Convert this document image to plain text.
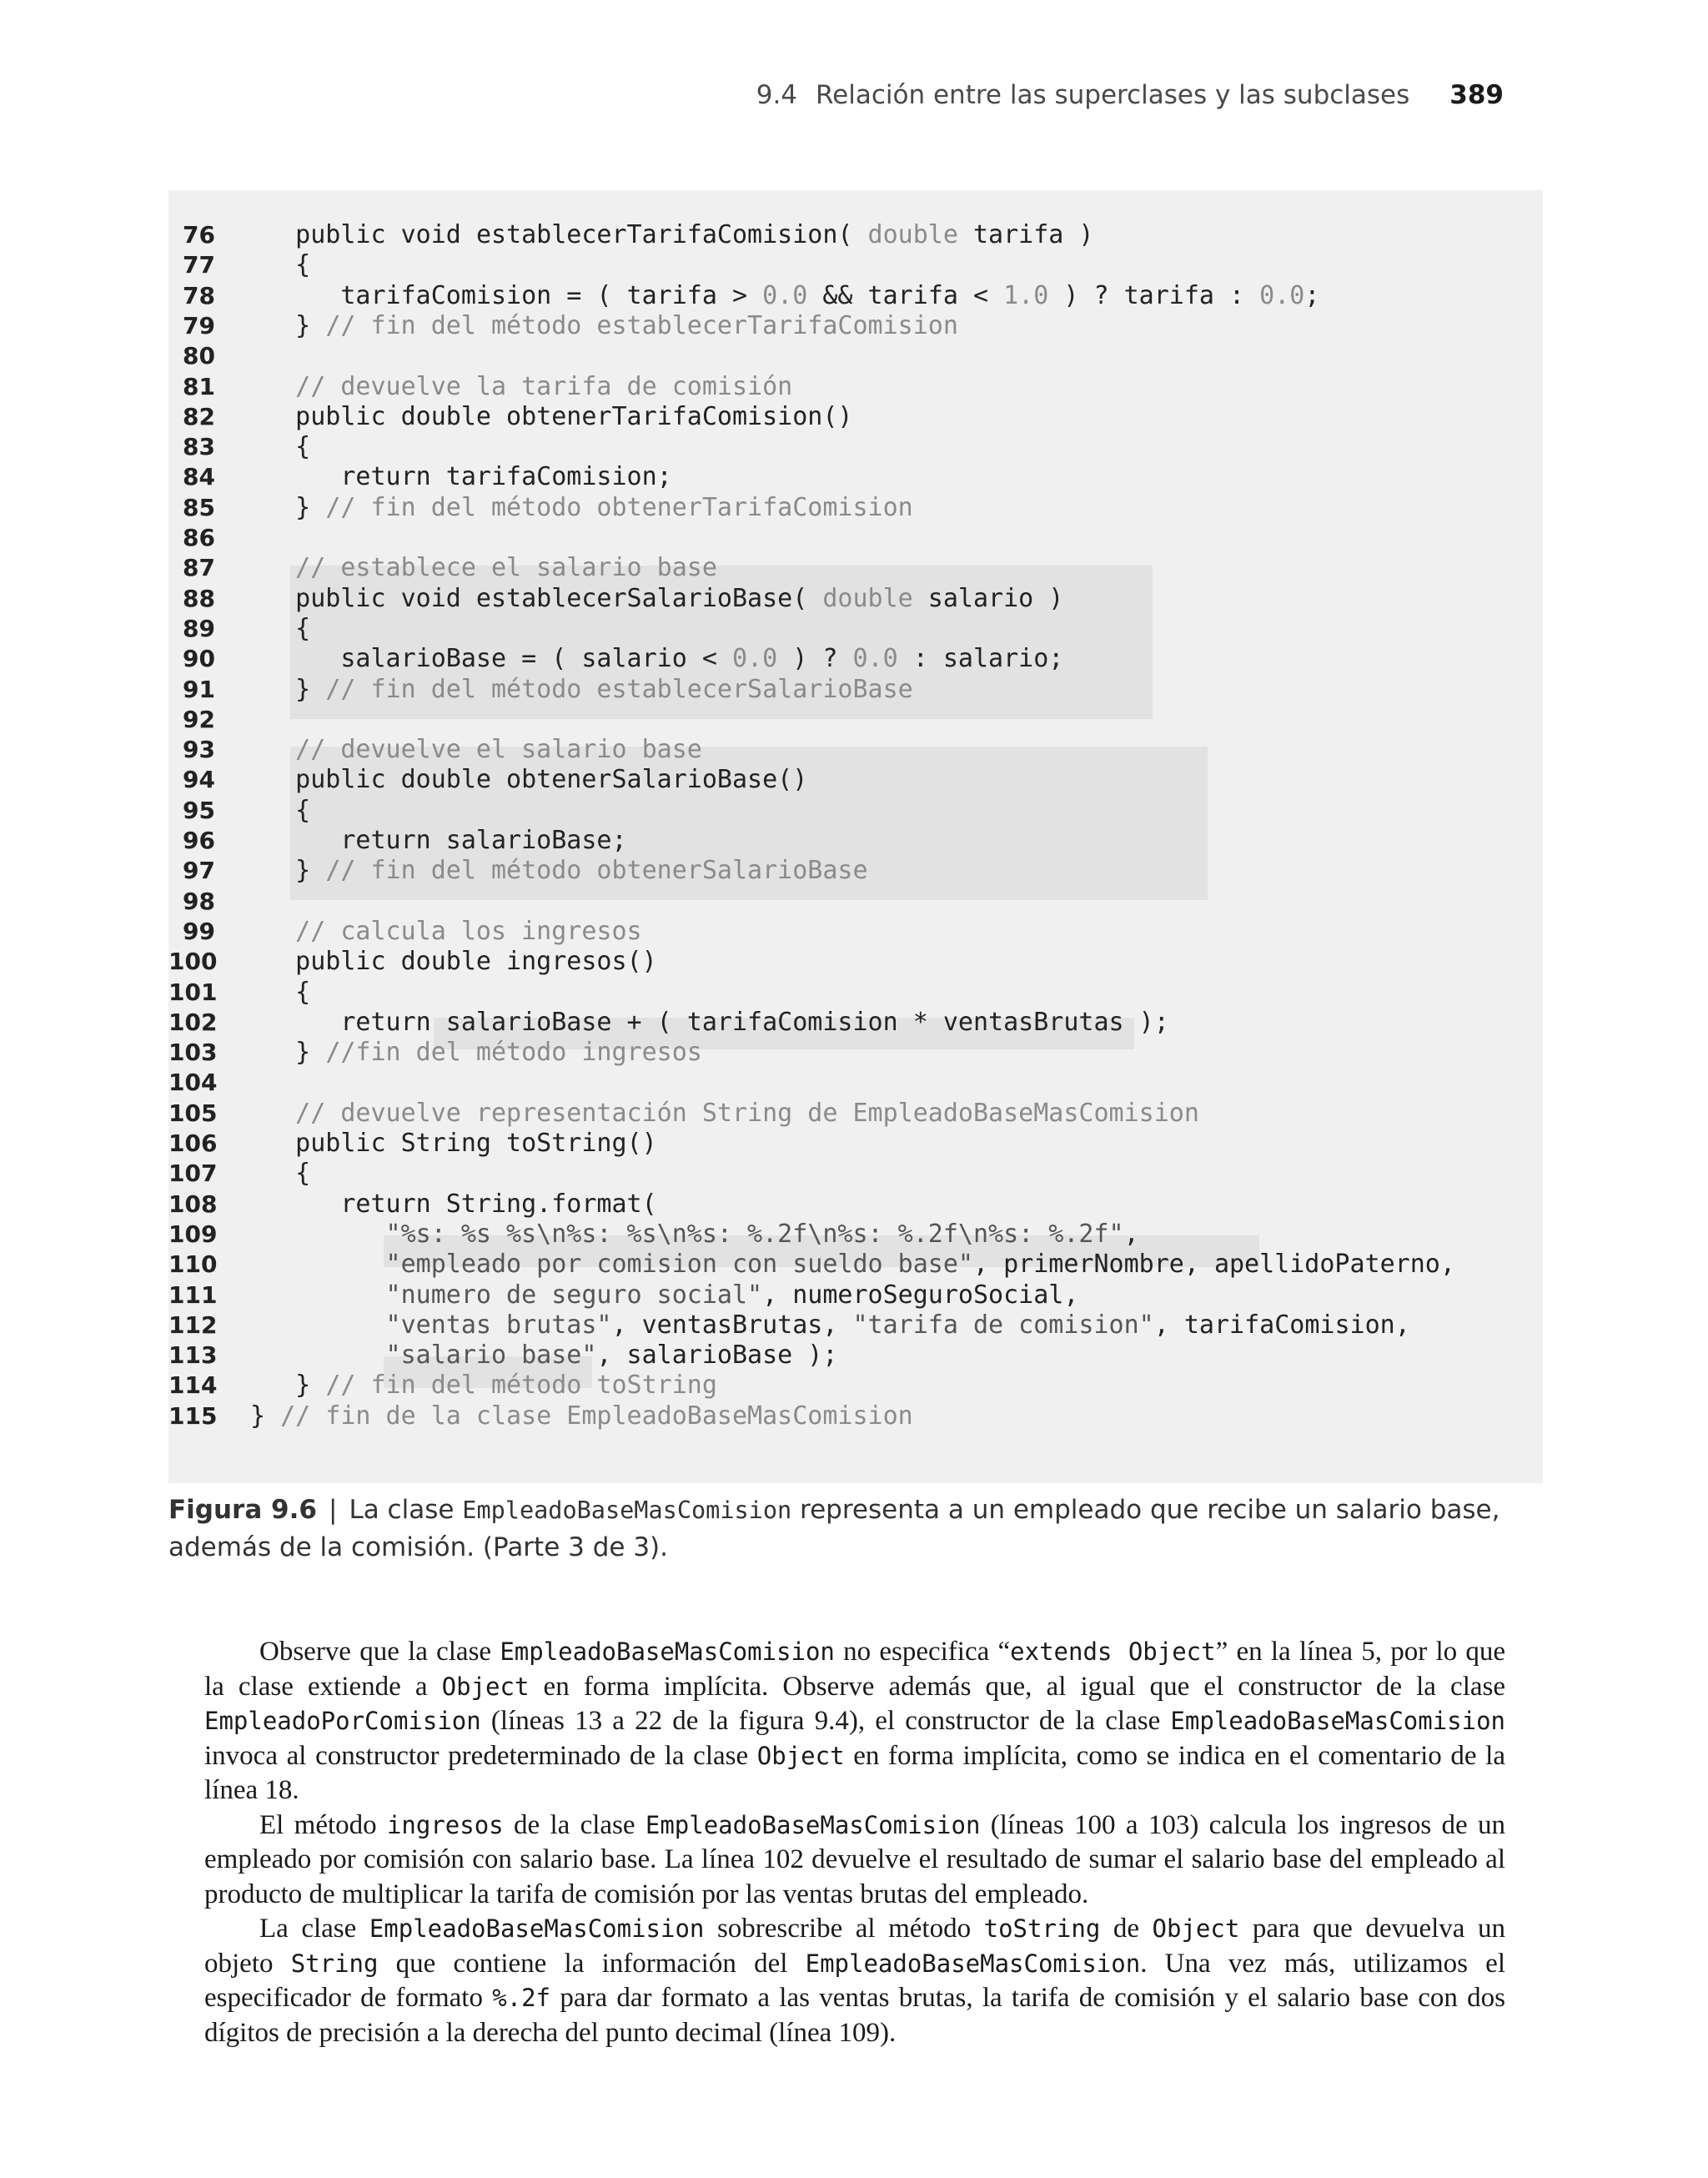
9.4 Relación entre las superclases y las subclases 389
76 public void establecerTarifaComision( double tarifa )
77 {
78 tarifaComision = ( tarifa > 0.0 && tarifa < 1.0 ) ? tarifa : 0.0;
79 } // fin del método establecerTarifaComision
80
81 // devuelve la tarifa de comisión
82 public double obtenerTarifaComision()
83 {
84 return tarifaComision;
85 } // fin del método obtenerTarifaComision
86
87 // establece el salario base
88 public void establecerSalarioBase( double salario )
89 {
90 salarioBase = ( salario < 0.0 ) ? 0.0 : salario;
91 } // fin del método establecerSalarioBase
92
93 // devuelve el salario base
94 public double obtenerSalarioBase()
95 {
96 return salarioBase;
97 } // fin del método obtenerSalarioBase
98
99 // calcula los ingresos
100 public double ingresos()
101 {
102 return salarioBase + ( tarifaComision * ventasBrutas );
103 } //fin del método ingresos
104
105 // devuelve representación String de EmpleadoBaseMasComision
106 public String toString()
107 {
108 return String.format(
109 "%s: %s %s\n%s: %s\n%s: %.2f\n%s: %.2f\n%s: %.2f",
110 "empleado por comision con sueldo base", primerNombre, apellidoPaterno,
111 "numero de seguro social", numeroSeguroSocial,
112 "ventas brutas", ventasBrutas, "tarifa de comision", tarifaComision,
113 "salario base", salarioBase );
114 } // fin del método toString
115 } // fin de la clase EmpleadoBaseMasComision
Figura 9.6 | La clase EmpleadoBaseMasComision representa a un empleado que recibe un salario base, además de la comisión. (Parte 3 de 3).

Observe que la clase EmpleadoBaseMasComision no especifica “extends Object” en la línea 5, por lo que la clase extiende a Object en forma implícita. Observe además que, al igual que el constructor de la clase EmpleadoPorComision (líneas 13 a 22 de la figura 9.4), el constructor de la clase EmpleadoBaseMasComision invoca al constructor predeterminado de la clase Object en forma implícita, como se indica en el comentario de la línea 18.

El método ingresos de la clase EmpleadoBaseMasComision (líneas 100 a 103) calcula los ingresos de un empleado por comisión con salario base. La línea 102 devuelve el resultado de sumar el salario base del empleado al producto de multiplicar la tarifa de comisión por las ventas brutas del empleado.

La clase EmpleadoBaseMasComision sobrescribe al método toString de Object para que devuelva un objeto String que contiene la información del EmpleadoBaseMasComision. Una vez más, utilizamos el especificador de formato %.2f para dar formato a las ventas brutas, la tarifa de comisión y el salario base con dos dígitos de precisión a la derecha del punto decimal (línea 109).
